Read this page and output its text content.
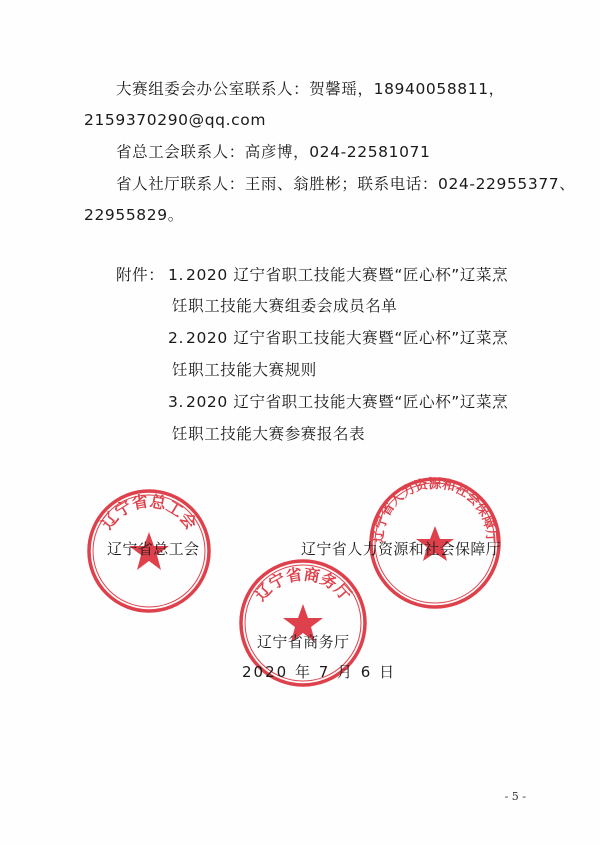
大赛组委会办公室联系人：贺馨瑶，18940058811，
2159370290@qq.com
省总工会联系人：高彦博，024-22581071
省人社厅联系人：王雨、翁胜彬；联系电话：024-22955377、
22955829。
附件： 1. 2020 辽宁省职工技能大赛暨“匠心杯”辽菜烹
饪职工技能大赛组委会成员名单
2. 2020 辽宁省职工技能大赛暨“匠心杯”辽菜烹
饪职工技能大赛规则
3. 2020 辽宁省职工技能大赛暨“匠心杯”辽菜烹
饪职工技能大赛参赛报名表
辽宁省总工会
辽宁省人力资源和社会保障厅
辽宁省商务厅
辽宁省总工会	辽宁省人力资源和社会保障厅
辽宁省商务厅
2020 年 7 月 6 日
- 5 -
